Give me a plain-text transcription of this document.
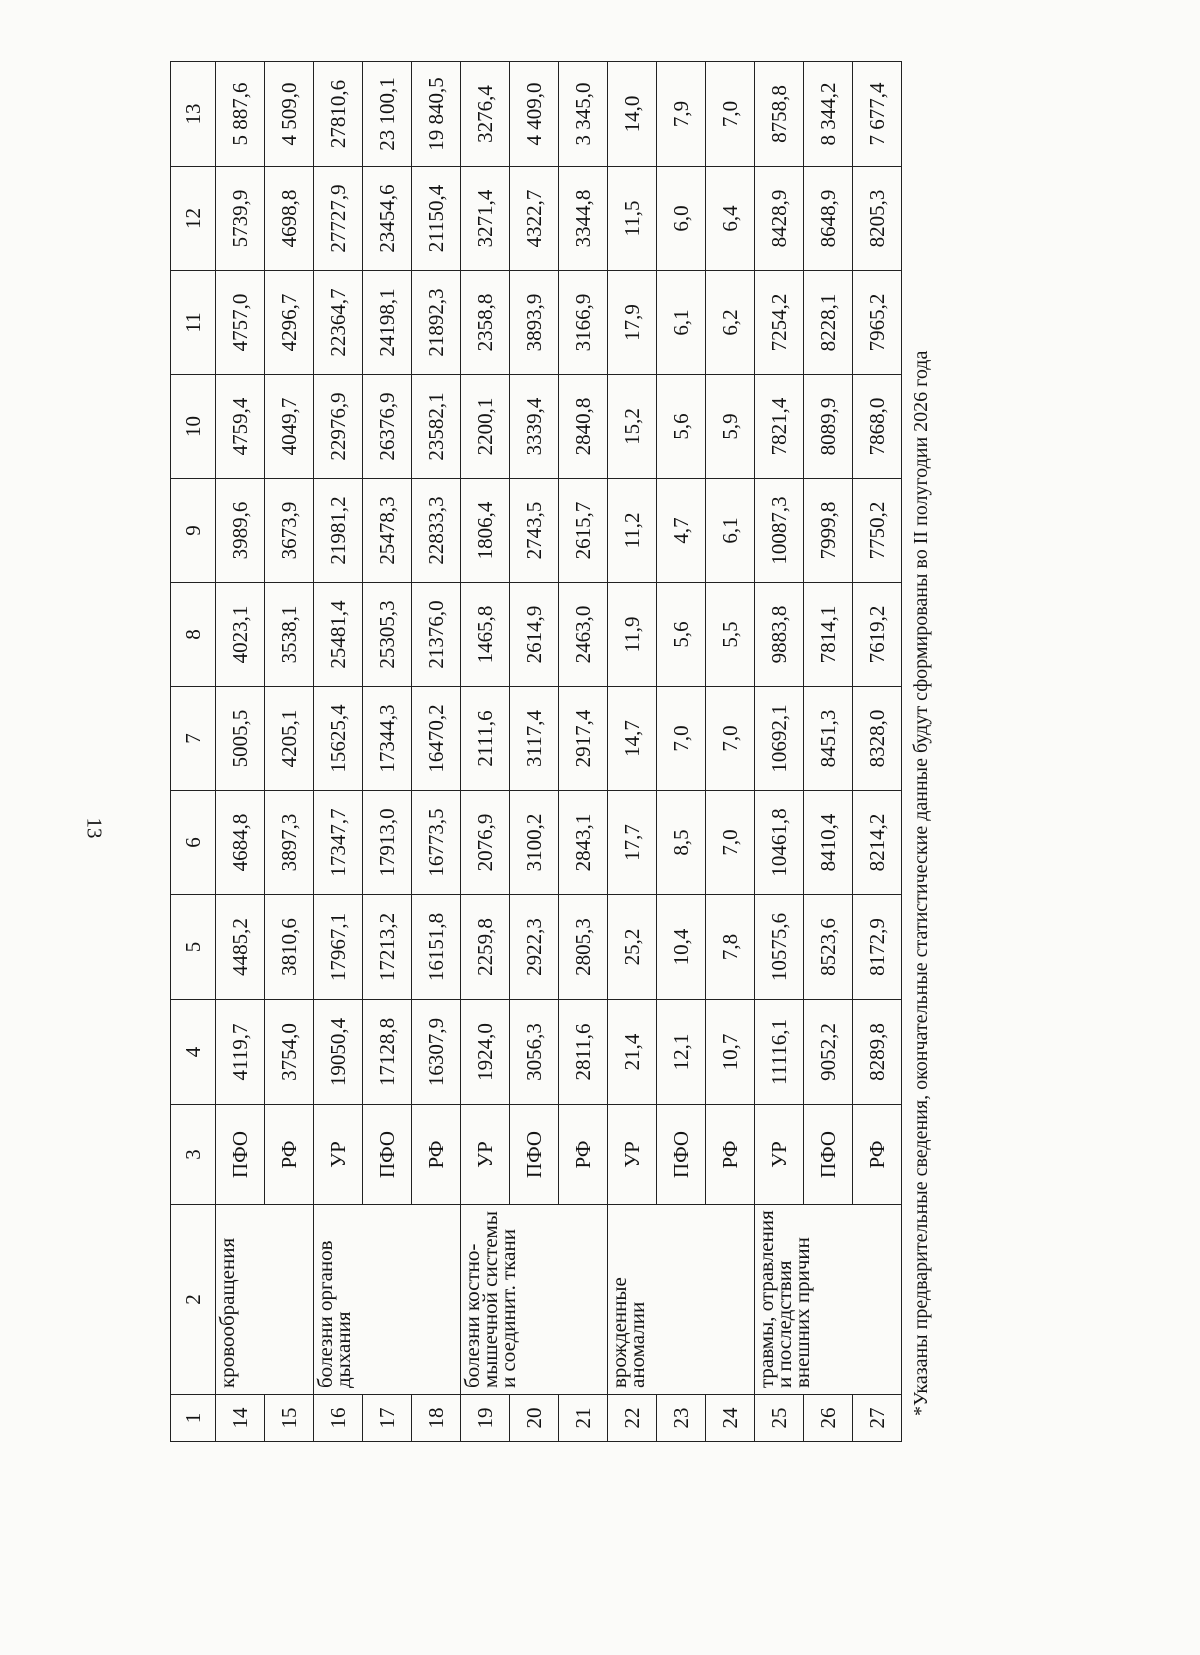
13
1	2	3	4	5	6	7	8	9	10	11	12	13
14	кровообращения	ПФО	4119,7	4485,2	4684,8	5005,5	4023,1	3989,6	4759,4	4757,0	5739,9	5 887,6
15		РФ	3754,0	3810,6	3897,3	4205,1	3538,1	3673,9	4049,7	4296,7	4698,8	4 509,0
16	болезни органов дыхания	УР	19050,4	17967,1	17347,7	15625,4	25481,4	21981,2	22976,9	22364,7	27727,9	27810,6
17		ПФО	17128,8	17213,2	17913,0	17344,3	25305,3	25478,3	26376,9	24198,1	23454,6	23 100,1
18		РФ	16307,9	16151,8	16773,5	16470,2	21376,0	22833,3	23582,1	21892,3	21150,4	19 840,5
19	болезни костно-мышечной системы и соединит. ткани	УР	1924,0	2259,8	2076,9	2111,6	1465,8	1806,4	2200,1	2358,8	3271,4	3276,4
20		ПФО	3056,3	2922,3	3100,2	3117,4	2614,9	2743,5	3339,4	3893,9	4322,7	4 409,0
21		РФ	2811,6	2805,3	2843,1	2917,4	2463,0	2615,7	2840,8	3166,9	3344,8	3 345,0
22	врожденные аномалии	УР	21,4	25,2	17,7	14,7	11,9	11,2	15,2	17,9	11,5	14,0
23		ПФО	12,1	10,4	8,5	7,0	5,6	4,7	5,6	6,1	6,0	7,9
24		РФ	10,7	7,8	7,0	7,0	5,5	6,1	5,9	6,2	6,4	7,0
25	травмы, отравления и последствия внешних причин	УР	11116,1	10575,6	10461,8	10692,1	9883,8	10087,3	7821,4	7254,2	8428,9	8758,8
26		ПФО	9052,2	8523,6	8410,4	8451,3	7814,1	7999,8	8089,9	8228,1	8648,9	8 344,2
27		РФ	8289,8	8172,9	8214,2	8328,0	7619,2	7750,2	7868,0	7965,2	8205,3	7 677,4
*Указаны предварительные сведения, окончательные статистические данные будут сформированы во II полугодии 2026 года
